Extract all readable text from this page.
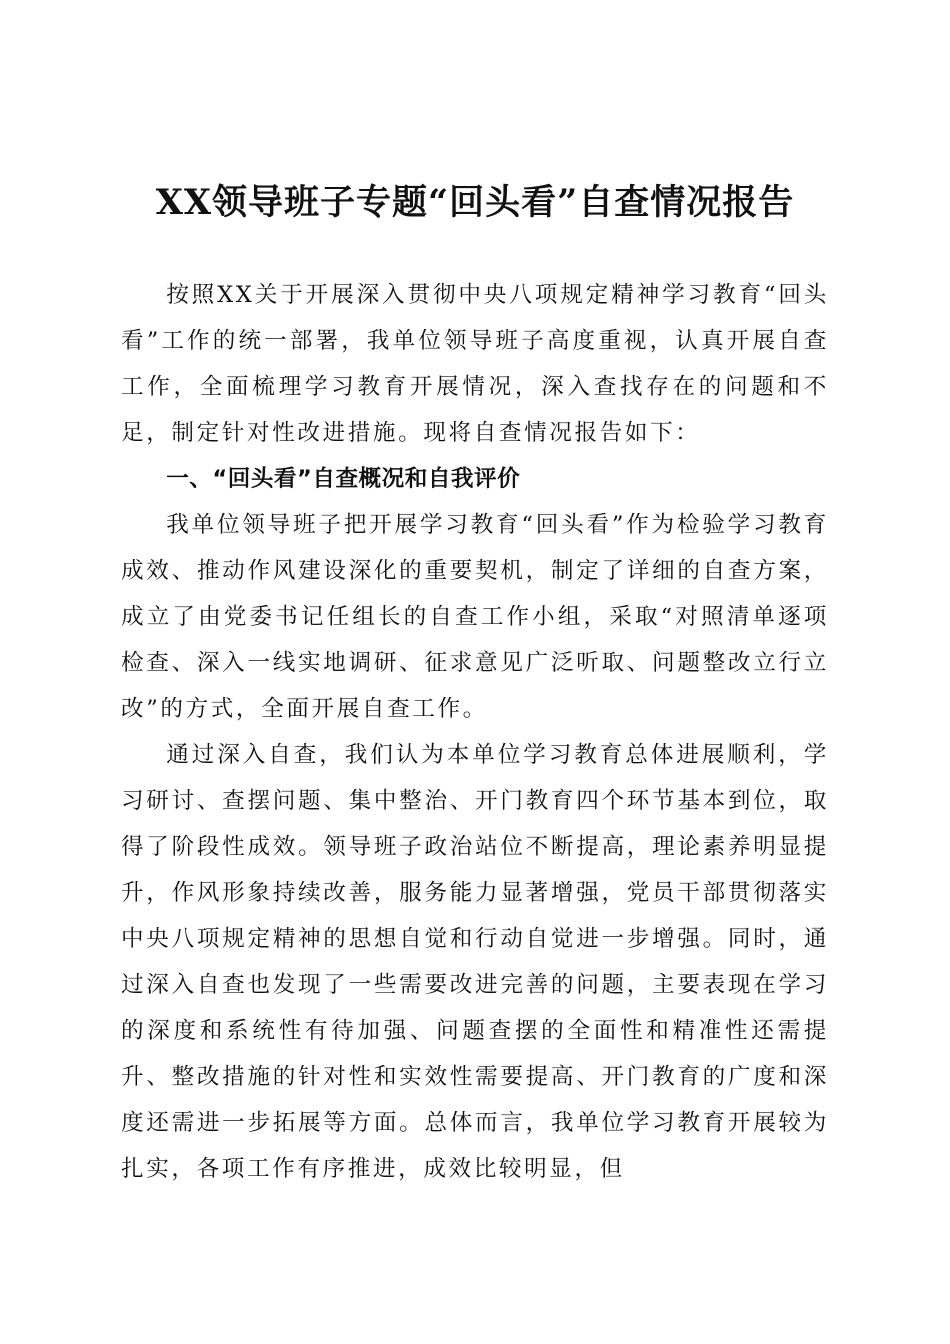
XX领导班子专题“回头看”自查情况报告

按照XX关于开展深入贯彻中央八项规定精神学习教育“回头看”工作的统一部署，我单位领导班子高度重视，认真开展自查工作，全面梳理学习教育开展情况，深入查找存在的问题和不足，制定针对性改进措施。现将自查情况报告如下：

一、“回头看”自查概况和自我评价

我单位领导班子把开展学习教育“回头看”作为检验学习教育成效、推动作风建设深化的重要契机，制定了详细的自查方案，成立了由党委书记任组长的自查工作小组，采取“对照清单逐项检查、深入一线实地调研、征求意见广泛听取、问题整改立行立改”的方式，全面开展自查工作。

通过深入自查，我们认为本单位学习教育总体进展顺利，学习研讨、查摆问题、集中整治、开门教育四个环节基本到位，取得了阶段性成效。领导班子政治站位不断提高，理论素养明显提升，作风形象持续改善，服务能力显著增强，党员干部贯彻落实中央八项规定精神的思想自觉和行动自觉进一步增强。同时，通过深入自查也发现了一些需要改进完善的问题，主要表现在学习的深度和系统性有待加强、问题查摆的全面性和精准性还需提升、整改措施的针对性和实效性需要提高、开门教育的广度和深度还需进一步拓展等方面。总体而言，我单位学习教育开展较为扎实，各项工作有序推进，成效比较明显，但
